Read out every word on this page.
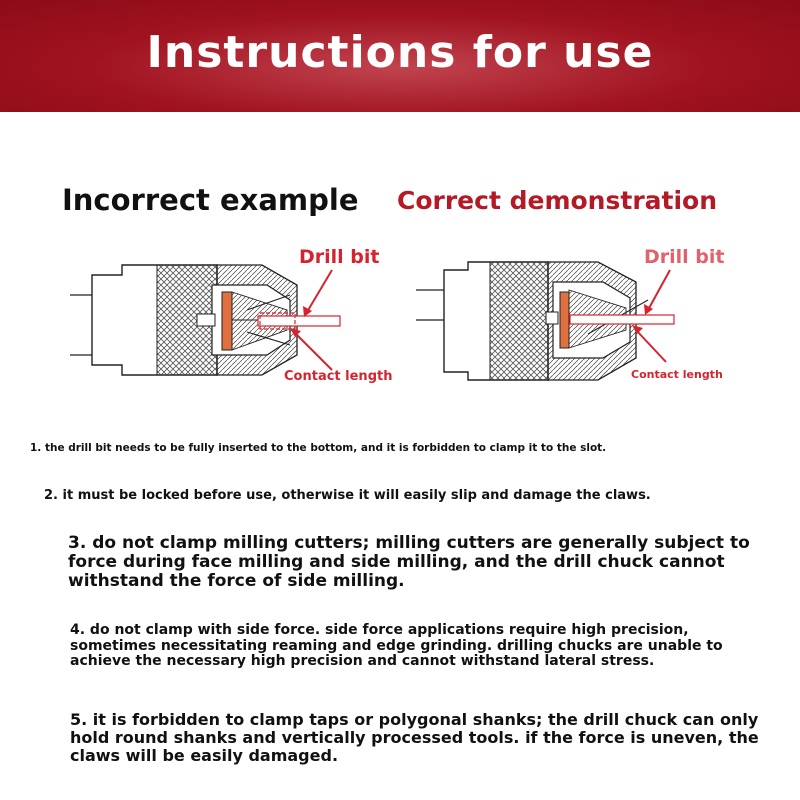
Instructions for use
Incorrect example Correct demonstration
Drill bit
Contact length
Drill bit
Contact length
1. the drill bit needs to be fully inserted to the bottom, and it is forbidden to clamp it to the slot.
2. it must be locked before use, otherwise it will easily slip and damage the claws.
3. do not clamp milling cutters; milling cutters are generally subject to force during face milling and side milling, and the drill chuck cannot withstand the force of side milling.
4. do not clamp with side force. side force applications require high precision, sometimes necessitating reaming and edge grinding. drilling chucks are unable to achieve the necessary high precision and cannot withstand lateral stress.
5. it is forbidden to clamp taps or polygonal shanks; the drill chuck can only hold round shanks and vertically processed tools. if the force is uneven, the claws will be easily damaged.
